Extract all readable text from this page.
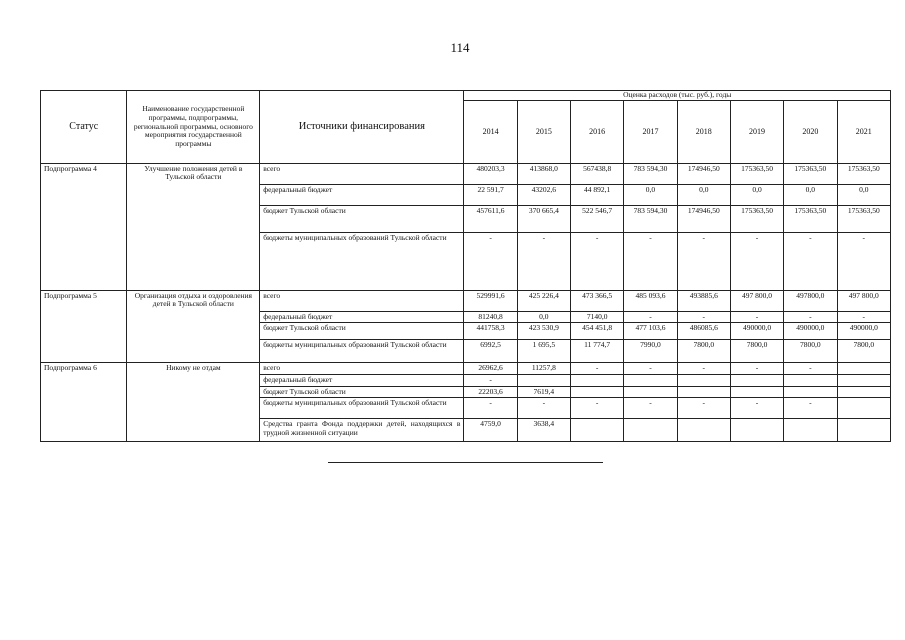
114
Статус	Наименование государственной программы, подпрограммы, региональной программы, основного мероприятия государственной программы	Источники финансирования	Оценка расходов (тыс. руб.), годы							
			2014	2015	2016	2017	2018	2019	2020	2021
Подпрограмма 4	Улучшение положения детей в Тульской области	всего	480203,3	413868,0	567438,8	783 594,30	174946,50	175363,50	175363,50	175363,50
		федеральный бюджет	22 591,7	43202,6	44 892,1	0,0	0,0	0,0	0,0	0,0
		бюджет Тульской области	457611,6	370 665,4	522 546,7	783 594,30	174946,50	175363,50	175363,50	175363,50
		бюджеты муниципальных образований Тульской области	-	-	-	-	-	-	-	-
Подпрограмма 5	Организация отдыха и оздоровления детей в Тульской области	всего	529991,6	425 226,4	473 366,5	485 093,6	493885,6	497 800,0	497800,0	497 800,0
		федеральный бюджет	81240,8	0,0	7140,0	-	-	-	-	-
		бюджет Тульской области	441758,3	423 530,9	454 451,8	477 103,6	486085,6	490000,0	490000,0	490000,0
		бюджеты муниципальных образований Тульской области	6992,5	1 695,5	11 774,7	7990,0	7800,0	7800,0	7800,0	7800,0
Подпрограмма 6	Никому не отдам	всего	26962,6	11257,8	-	-	-	-	-	
		федеральный бюджет	-							
		бюджет Тульской области	22203,6	7619,4						
		бюджеты муниципальных образований Тульской области	-	-	-	-	-	-	-	
		Средства гранта Фонда поддержки детей, находящихся в трудной жизненной ситуации	4759,0	3638,4						
